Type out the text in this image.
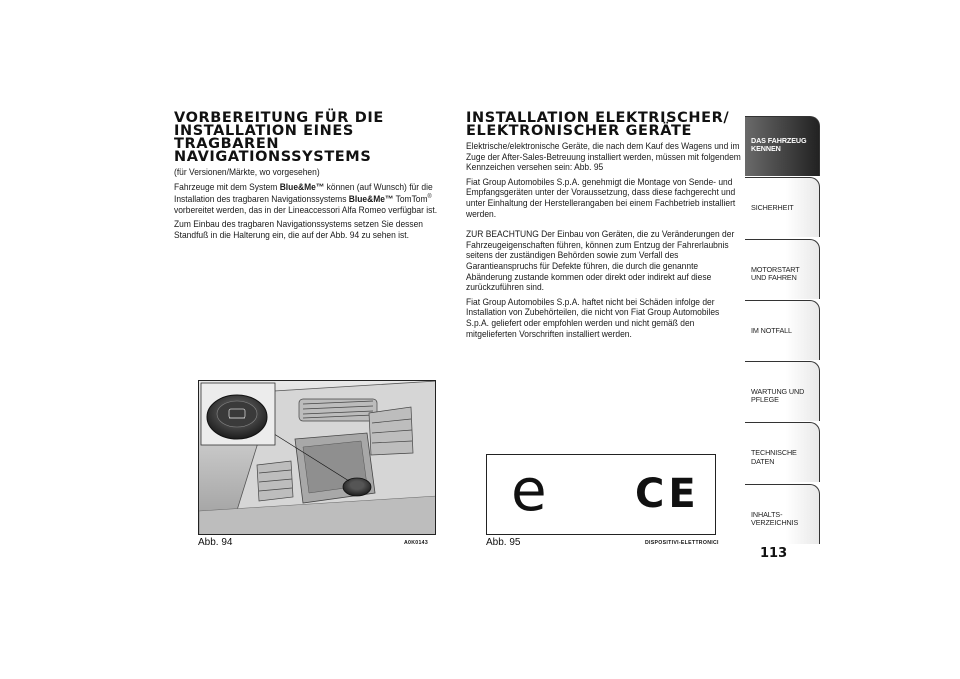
VORBEREITUNG FÜR DIE INSTALLATION EINES TRAGBAREN NAVIGATIONSSYSTEMS

(für Versionen/Märkte, wo vorgesehen)

Fahrzeuge mit dem System Blue&Me™ können (auf Wunsch) für die Installation des tragbaren Navigationssystems Blue&Me™ TomTom® vorbereitet werden, das in der Lineaccessori Alfa Romeo verfügbar ist.

Zum Einbau des tragbaren Navigationssystems setzen Sie dessen Standfuß in die Halterung ein, die auf der Abb. 94 zu sehen ist.

INSTALLATION ELEKTRISCHER/ ELEKTRONISCHER GERÄTE

Elektrische/elektronische Geräte, die nach dem Kauf des Wagens und im Zuge der After-Sales-Betreuung installiert werden, müssen mit folgendem Kennzeichen versehen sein: Abb. 95

Fiat Group Automobiles S.p.A. genehmigt die Montage von Sende- und Empfangsgeräten unter der Voraussetzung, dass diese fachgerecht und unter Einhaltung der Herstellerangaben bei einem Fachbetrieb installiert werden.

ZUR BEACHTUNG Der Einbau von Geräten, die zu Veränderungen der Fahrzeugeigenschaften führen, können zum Entzug der Fahrerlaubnis seitens der zuständigen Behörden sowie zum Verfall des Garantieanspruchs für Defekte führen, die durch die genannte Abänderung zustande kommen oder direkt oder indirekt auf diese zurückzuführen sind.

Fiat Group Automobiles S.p.A. haftet nicht bei Schäden infolge der Installation von Zubehörteilen, die nicht von Fiat Group Automobiles S.p.A. geliefert oder empfohlen werden und nicht gemäß den mitgelieferten Vorschriften installiert werden.

Abb. 94	A0K0143
e CE
Abb. 95	DISPOSITIVI-ELETTRONICI
DAS FAHRZEUG KENNEN
SICHERHEIT
MOTORSTART UND FAHREN
IM NOTFALL
WARTUNG UND PFLEGE
TECHNISCHE DATEN
INHALTS-VERZEICHNIS
113
